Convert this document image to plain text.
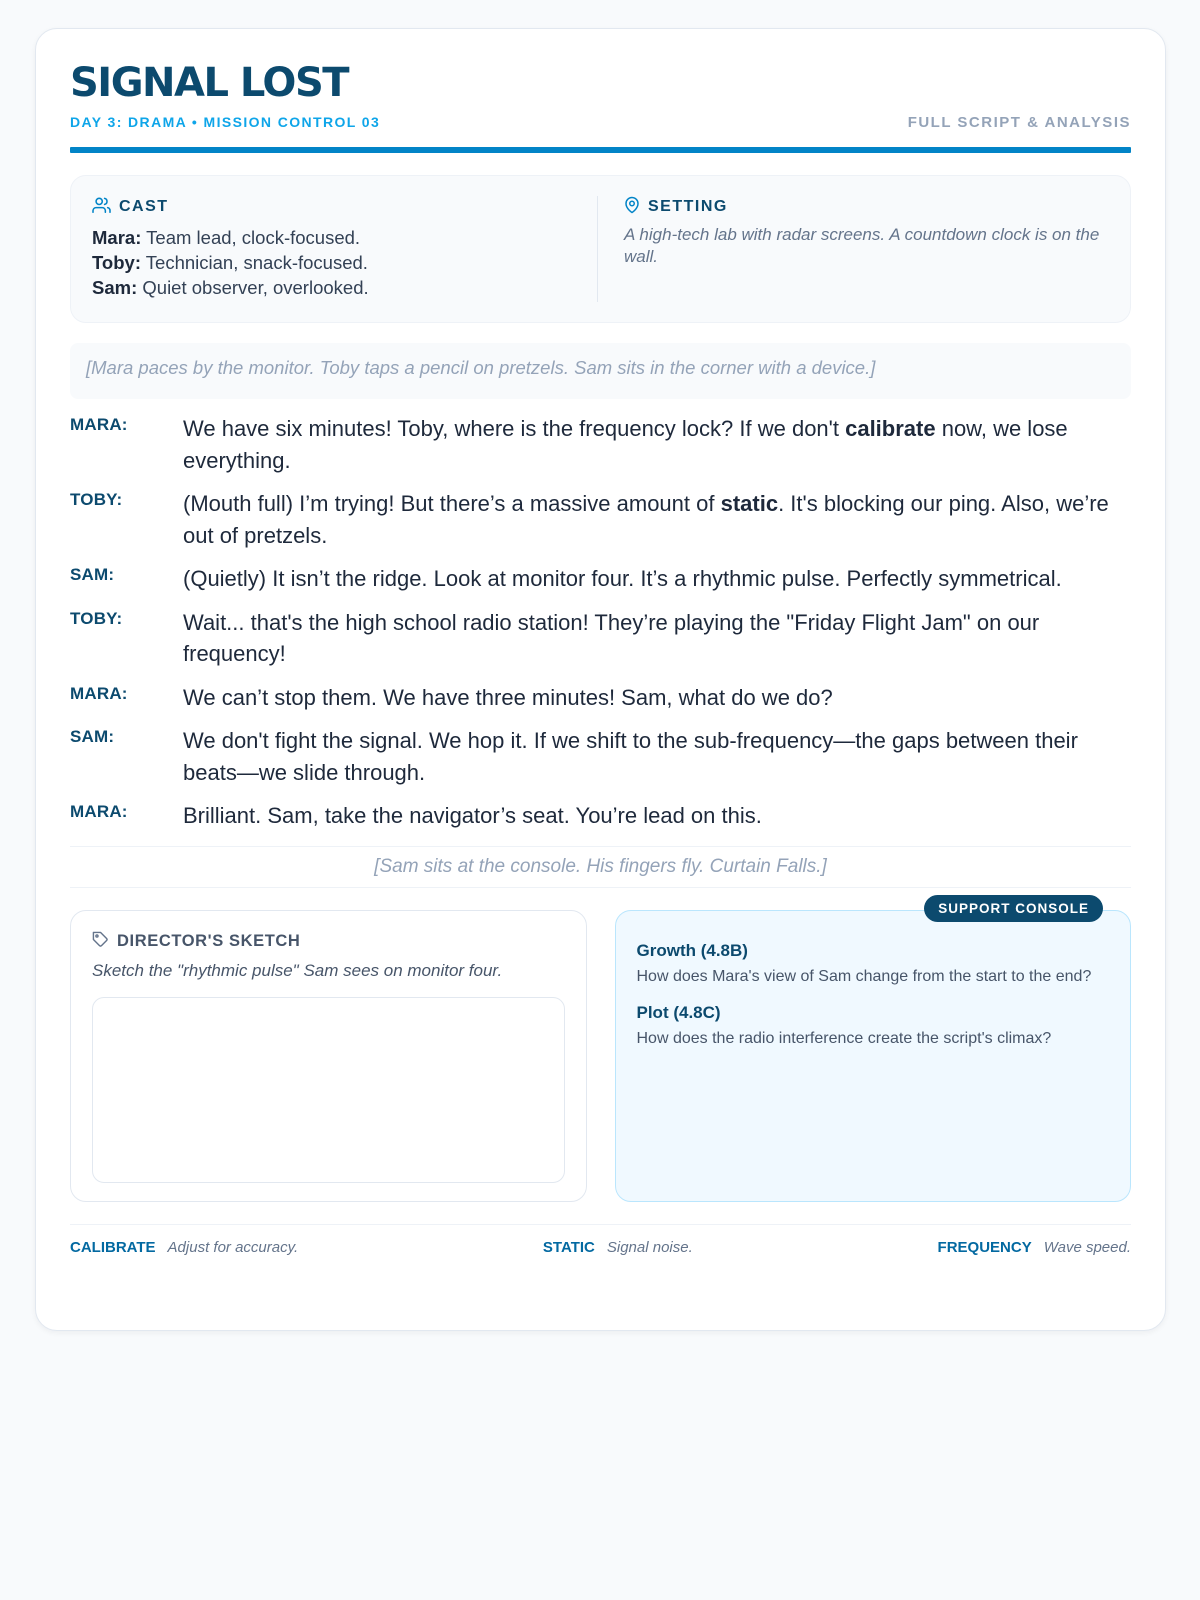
SIGNAL LOST
DAY 3: DRAMA • MISSION CONTROL 03	FULL SCRIPT & ANALYSIS
CAST
Mara: Team lead, clock-focused.
Toby: Technician, snack-focused.
Sam: Quiet observer, overlooked.
SETTING
A high-tech lab with radar screens. A countdown clock is on the wall.
[Mara paces by the monitor. Toby taps a pencil on pretzels. Sam sits in the corner with a device.]
MARA:	We have six minutes! Toby, where is the frequency lock? If we don't calibrate now, we lose everything.
TOBY:	(Mouth full) I’m trying! But there’s a massive amount of static. It's blocking our ping. Also, we’re out of pretzels.
SAM:	(Quietly) It isn’t the ridge. Look at monitor four. It’s a rhythmic pulse. Perfectly symmetrical.
TOBY:	Wait... that's the high school radio station! They’re playing the "Friday Flight Jam" on our frequency!
MARA:	We can’t stop them. We have three minutes! Sam, what do we do?
SAM:	We don't fight the signal. We hop it. If we shift to the sub-frequency—the gaps between their beats—we slide through.
MARA:	Brilliant. Sam, take the navigator’s seat. You’re lead on this.
[Sam sits at the console. His fingers fly. Curtain Falls.]
DIRECTOR'S SKETCH
Sketch the "rhythmic pulse" Sam sees on monitor four.
SUPPORT CONSOLE
Growth (4.8B)
How does Mara's view of Sam change from the start to the end?
Plot (4.8C)
How does the radio interference create the script's climax?
CALIBRATE Adjust for accuracy.	STATIC Signal noise.	FREQUENCY Wave speed.
